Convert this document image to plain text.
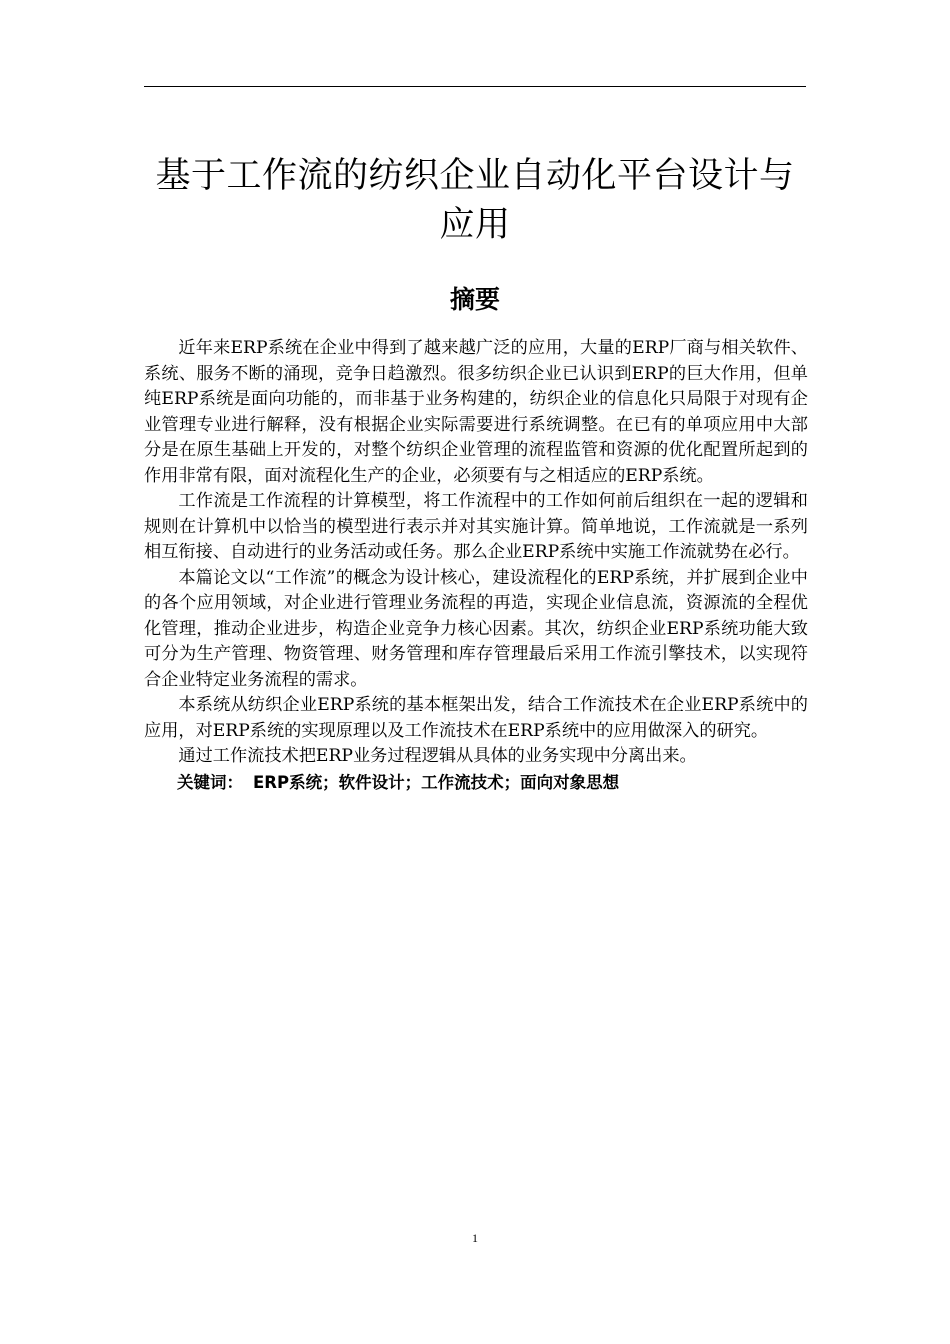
基于工作流的纺织企业自动化平台设计与应用
摘要

近年来ERP系统在企业中得到了越来越广泛的应用，大量的ERP厂商与相关软件、系统、服务不断的涌现，竞争日趋激烈。很多纺织企业已认识到ERP的巨大作用，但单纯ERP系统是面向功能的，而非基于业务构建的，纺织企业的信息化只局限于对现有企业管理专业进行解释，没有根据企业实际需要进行系统调整。在已有的单项应用中大部分是在原生基础上开发的，对整个纺织企业管理的流程监管和资源的优化配置所起到的作用非常有限，面对流程化生产的企业，必须要有与之相适应的ERP系统。

工作流是工作流程的计算模型，将工作流程中的工作如何前后组织在一起的逻辑和规则在计算机中以恰当的模型进行表示并对其实施计算。简单地说，工作流就是一系列相互衔接、自动进行的业务活动或任务。那么企业ERP系统中实施工作流就势在必行。

本篇论文以“工作流”的概念为设计核心，建设流程化的ERP系统，并扩展到企业中的各个应用领域，对企业进行管理业务流程的再造，实现企业信息流，资源流的全程优化管理，推动企业进步，构造企业竞争力核心因素。其次，纺织企业ERP系统功能大致可分为生产管理、物资管理、财务管理和库存管理最后采用工作流引擎技术，以实现符合企业特定业务流程的需求。

本系统从纺织企业ERP系统的基本框架出发，结合工作流技术在企业ERP系统中的应用，对ERP系统的实现原理以及工作流技术在ERP系统中的应用做深入的研究。

通过工作流技术把ERP业务过程逻辑从具体的业务实现中分离出来。

关键词： ERP系统；软件设计；工作流技术；面向对象思想

1
